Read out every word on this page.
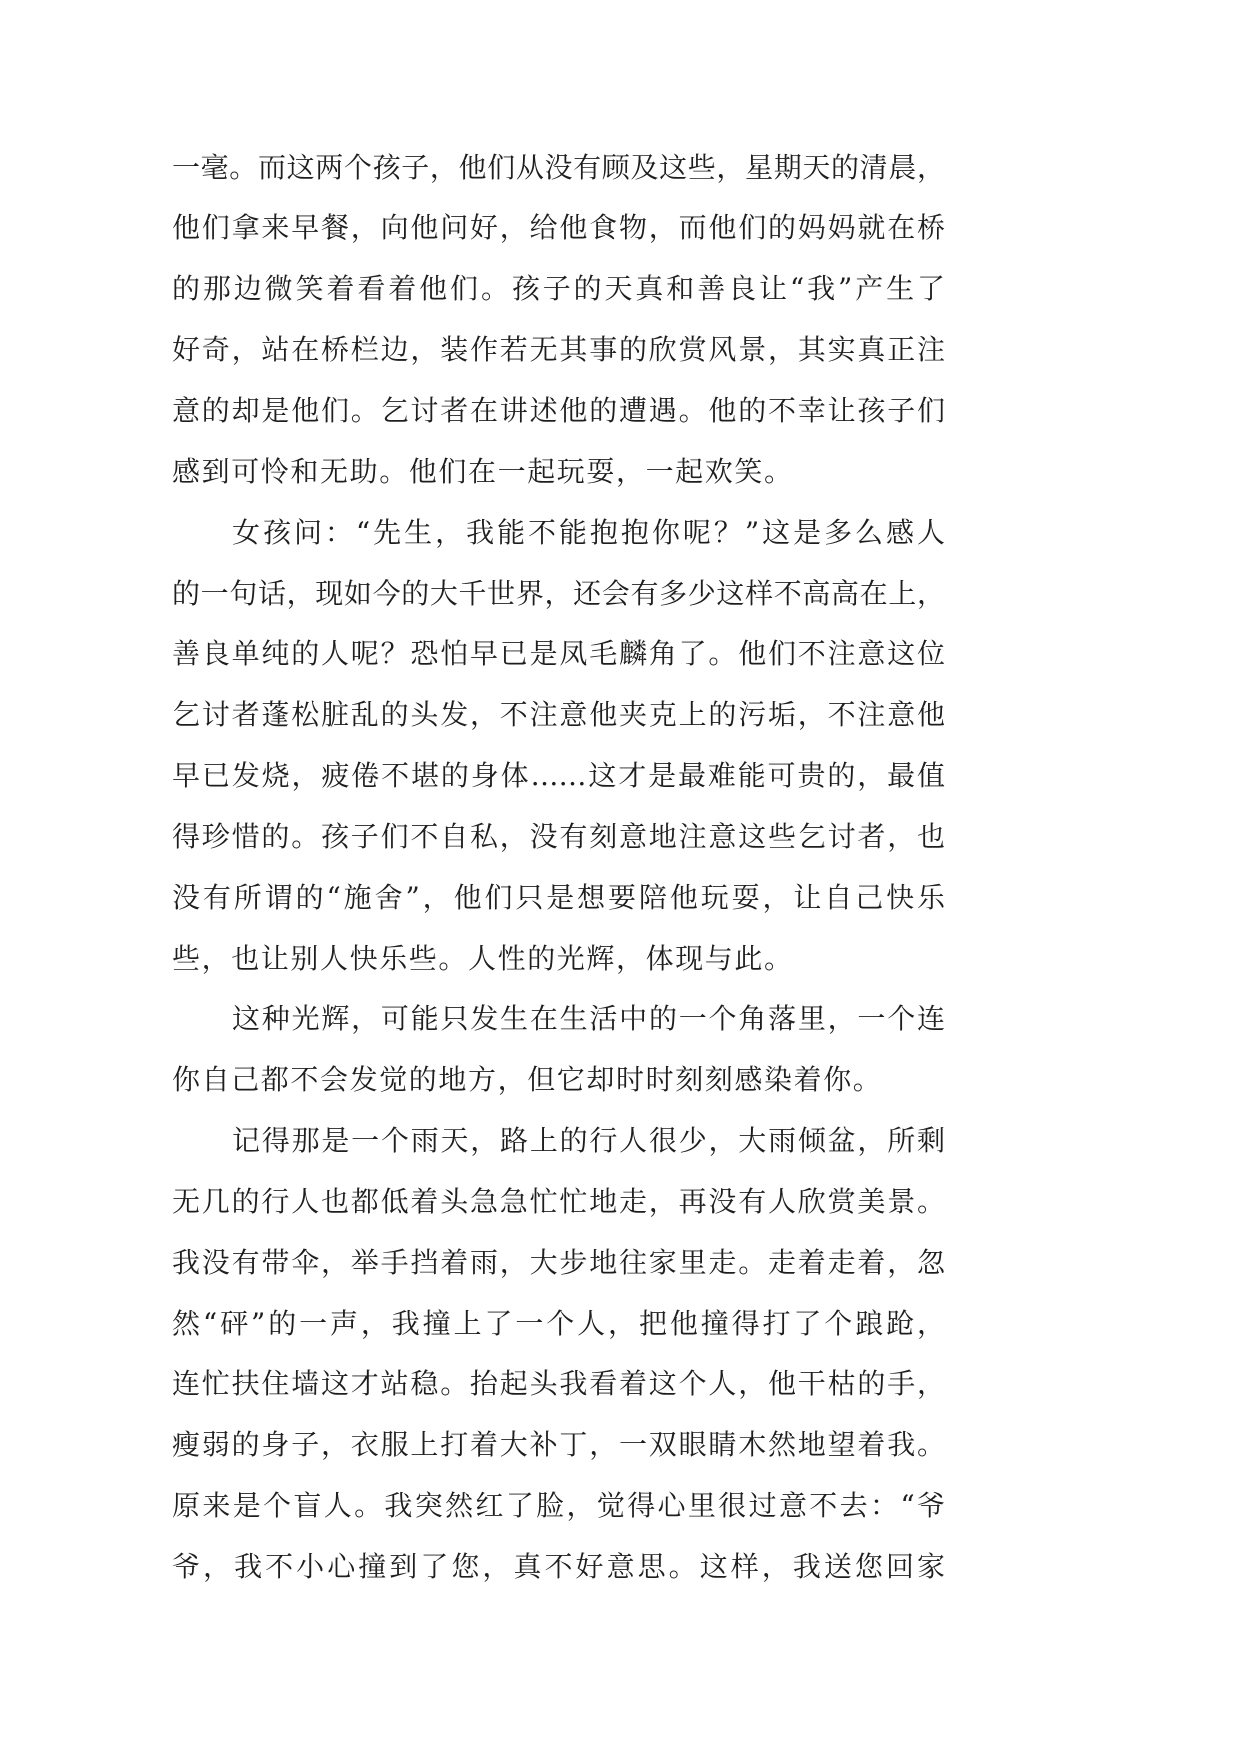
一毫。而这两个孩子，他们从没有顾及这些，星期天的清晨，
他们拿来早餐，向他问好，给他食物，而他们的妈妈就在桥
的那边微笑着看着他们。孩子的天真和善良让“我”产生了
好奇，站在桥栏边，装作若无其事的欣赏风景，其实真正注
意的却是他们。乞讨者在讲述他的遭遇。他的不幸让孩子们
感到可怜和无助。他们在一起玩耍，一起欢笑。
女孩问：“先生，我能不能抱抱你呢？”这是多么感人
的一句话，现如今的大千世界，还会有多少这样不高高在上，
善良单纯的人呢？恐怕早已是凤毛麟角了。他们不注意这位
乞讨者蓬松脏乱的头发，不注意他夹克上的污垢，不注意他
早已发烧，疲倦不堪的身体……这才是最难能可贵的，最值
得珍惜的。孩子们不自私，没有刻意地注意这些乞讨者，也
没有所谓的“施舍”，他们只是想要陪他玩耍，让自己快乐
些，也让别人快乐些。人性的光辉，体现与此。
这种光辉，可能只发生在生活中的一个角落里，一个连
你自己都不会发觉的地方，但它却时时刻刻感染着你。
记得那是一个雨天，路上的行人很少，大雨倾盆，所剩
无几的行人也都低着头急急忙忙地走，再没有人欣赏美景。
我没有带伞，举手挡着雨，大步地往家里走。走着走着，忽
然“砰”的一声，我撞上了一个人，把他撞得打了个踉跄，
连忙扶住墙这才站稳。抬起头我看着这个人，他干枯的手，
瘦弱的身子，衣服上打着大补丁，一双眼睛木然地望着我。
原来是个盲人。我突然红了脸，觉得心里很过意不去：“爷
爷，我不小心撞到了您，真不好意思。这样，我送您回家
